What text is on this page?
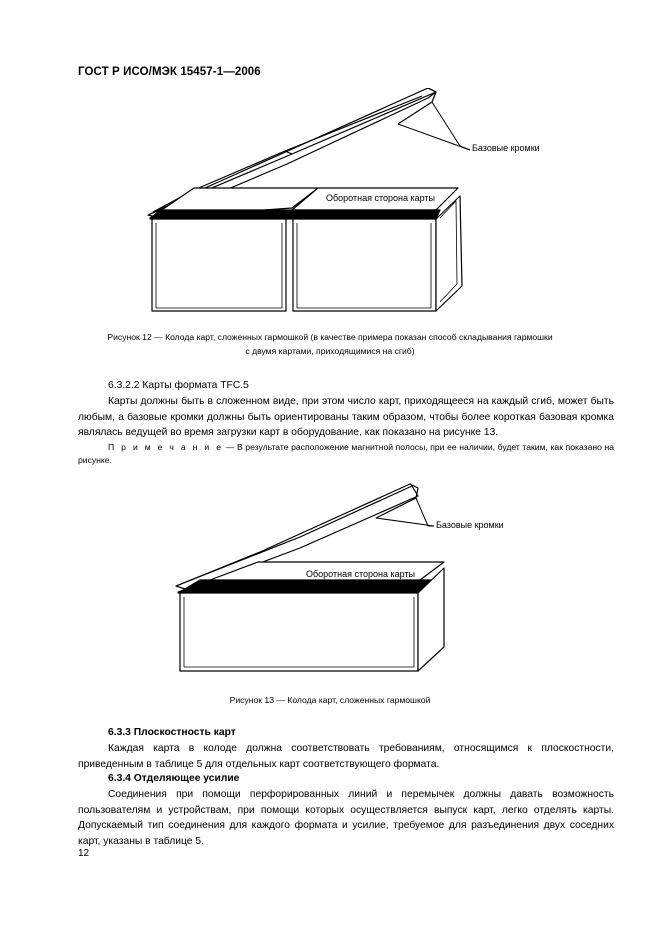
ГОСТ Р ИСО/МЭК 15457-1—2006
Базовые кромки
Оборотная сторона карты
Рисунок 12 — Колода карт, сложенных гармошкой (в качестве примера показан способ складывания гармошки
с двумя картами, приходящимися на сгиб)
6.3.2.2 Карты формата TFC.5
Карты должны быть в сложенном виде, при этом число карт, приходящееся на каждый сгиб, может быть любым, а базовые кромки должны быть ориентированы таким образом, чтобы более короткая базовая кромка являлась ведущей во время загрузки карт в оборудование, как показано на рисунке 13.
П р и м е ч а н и е — В результате расположение магнитной полосы, при ее наличии, будет таким, как показано на рисунке.
Базовые кромки
Оборотная сторона карты
Рисунок 13 — Колода карт, сложенных гармошкой
6.3.3 Плоскостность карт
Каждая карта в колоде должна соответствовать требованиям, относящимся к плоскостности, приведенным в таблице 5 для отдельных карт соответствующего формата.
6.3.4 Отделяющее усилие
Соединения при помощи перфорированных линий и перемычек должны давать возможность пользователям и устройствам, при помощи которых осуществляется выпуск карт, легко отделять карты. Допускаемый тип соединения для каждого формата и усилие, требуемое для разъединения двух соседних карт, указаны в таблице 5.
12
